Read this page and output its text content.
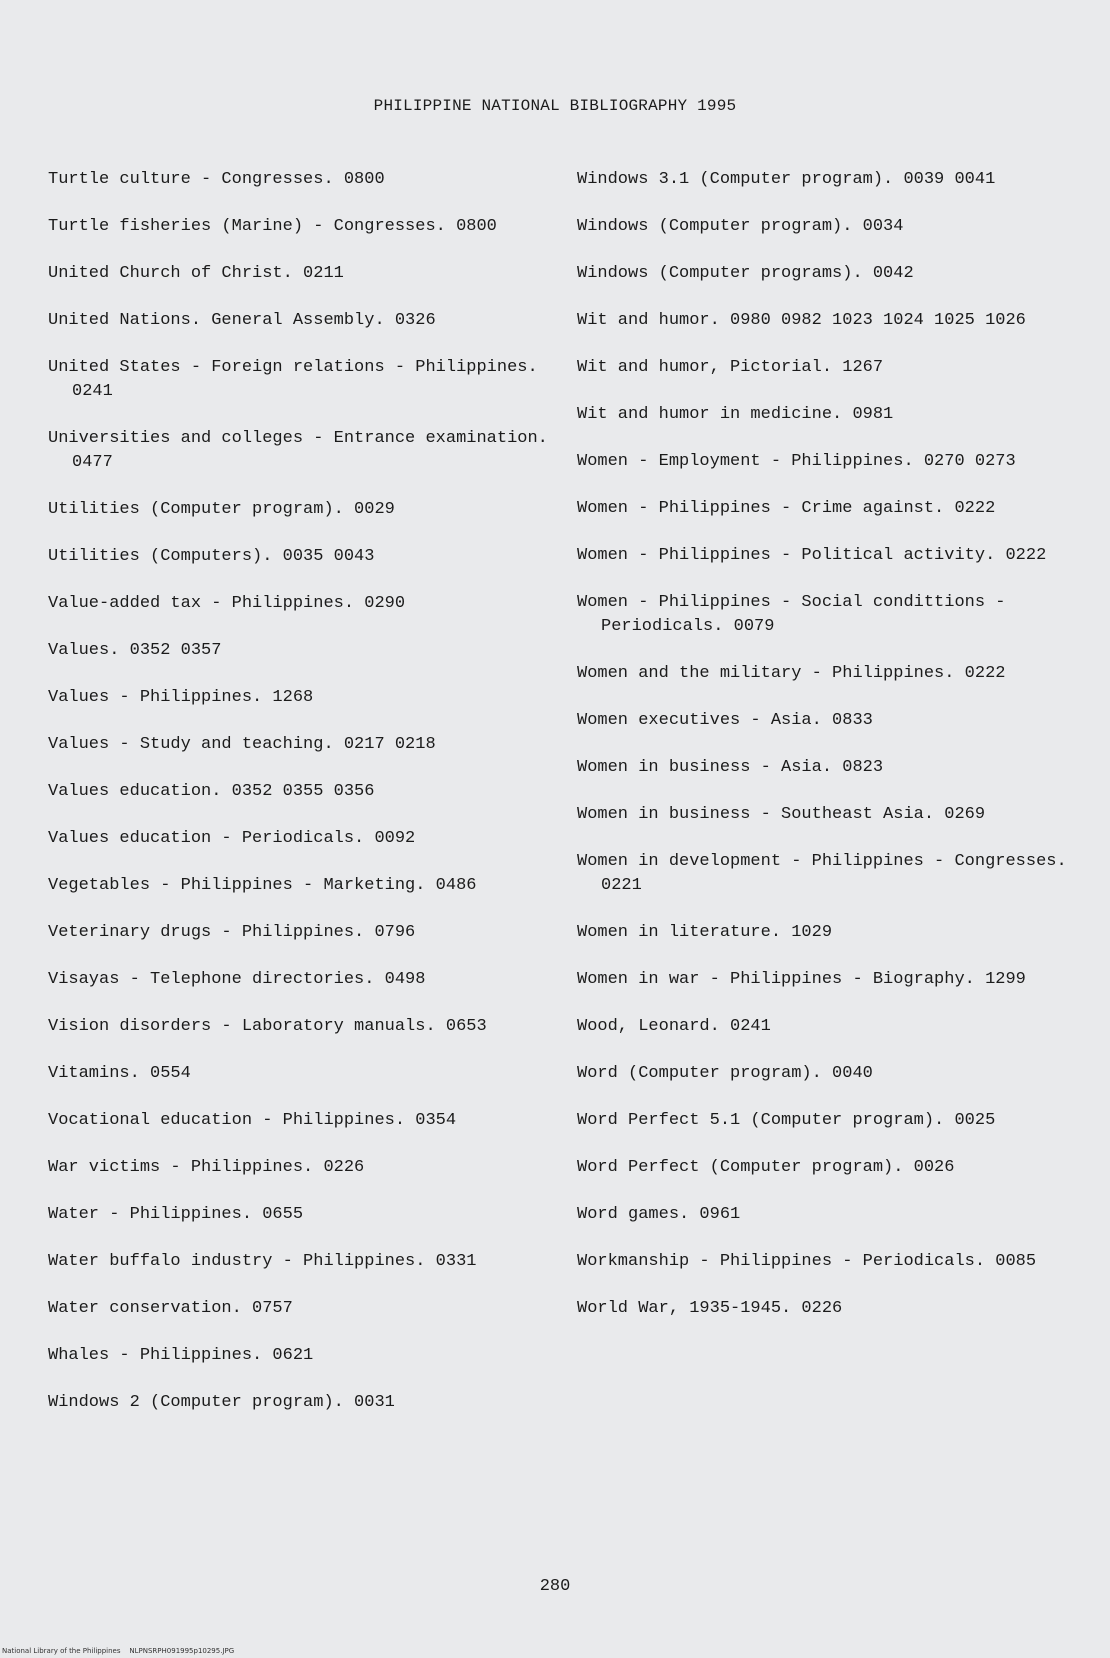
PHILIPPINE NATIONAL BIBLIOGRAPHY 1995
Turtle culture - Congresses. 0800
Turtle fisheries (Marine) - Congresses. 0800
United Church of Christ. 0211
United Nations. General Assembly. 0326
United States - Foreign relations - Philippines. 0241
Universities and colleges - Entrance examination. 0477
Utilities (Computer program). 0029
Utilities (Computers). 0035 0043
Value-added tax - Philippines. 0290
Values. 0352 0357
Values - Philippines. 1268
Values - Study and teaching. 0217 0218
Values education. 0352 0355 0356
Values education - Periodicals. 0092
Vegetables - Philippines - Marketing. 0486
Veterinary drugs - Philippines. 0796
Visayas - Telephone directories. 0498
Vision disorders - Laboratory manuals. 0653
Vitamins. 0554
Vocational education - Philippines. 0354
War victims - Philippines. 0226
Water - Philippines. 0655
Water buffalo industry - Philippines. 0331
Water conservation. 0757
Whales - Philippines. 0621
Windows 2 (Computer program). 0031
Windows 3.1 (Computer program). 0039 0041
Windows (Computer program). 0034
Windows (Computer programs). 0042
Wit and humor. 0980 0982 1023 1024 1025 1026
Wit and humor, Pictorial. 1267
Wit and humor in medicine. 0981
Women - Employment - Philippines. 0270 0273
Women - Philippines - Crime against. 0222
Women - Philippines - Political activity. 0222
Women - Philippines - Social condittions - Periodicals. 0079
Women and the military - Philippines. 0222
Women executives - Asia. 0833
Women in business - Asia. 0823
Women in business - Southeast Asia. 0269
Women in development - Philippines - Congresses. 0221
Women in literature. 1029
Women in war - Philippines - Biography. 1299
Wood, Leonard. 0241
Word (Computer program). 0040
Word Perfect 5.1 (Computer program). 0025
Word Perfect (Computer program). 0026
Word games. 0961
Workmanship - Philippines - Periodicals. 0085
World War, 1935-1945. 0226
280
National Library of the Philippines    NLPNSRPH091995p10295.JPG
